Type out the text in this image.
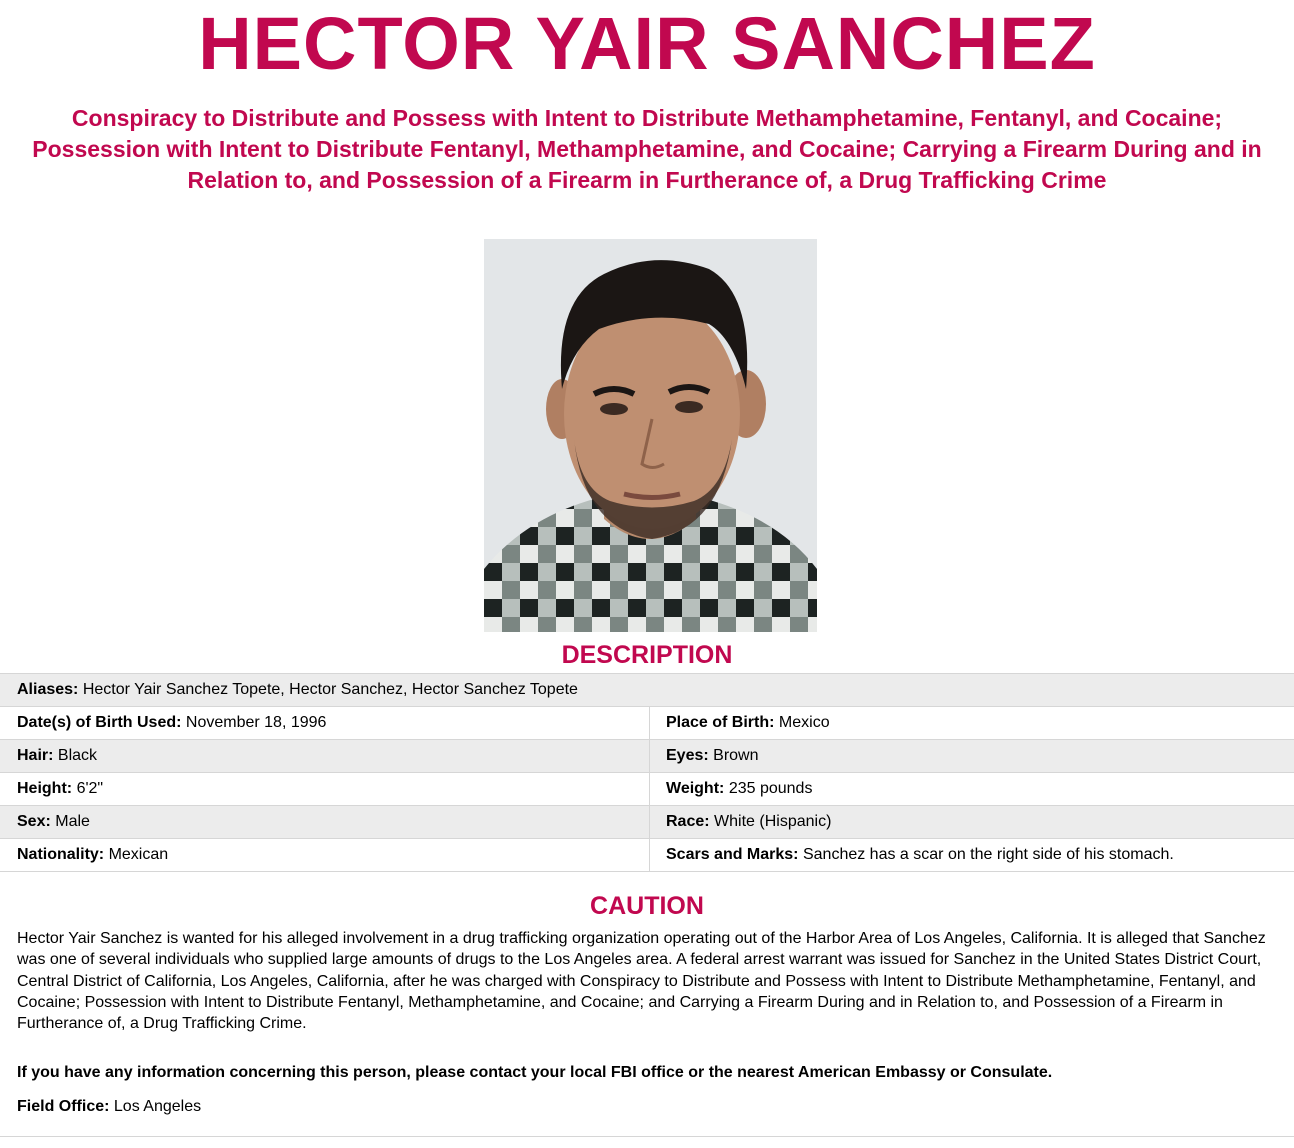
HECTOR YAIR SANCHEZ
Conspiracy to Distribute and Possess with Intent to Distribute Methamphetamine, Fentanyl, and Cocaine; Possession with Intent to Distribute Fentanyl, Methamphetamine, and Cocaine; Carrying a Firearm During and in Relation to, and Possession of a Firearm in Furtherance of, a Drug Trafficking Crime
DESCRIPTION
Aliases: Hector Yair Sanchez Topete, Hector Sanchez, Hector Sanchez Topete
Date(s) of Birth Used: November 18, 1996	Place of Birth: Mexico
Hair: Black	Eyes: Brown
Height: 6'2"	Weight: 235 pounds
Sex: Male	Race: White (Hispanic)
Nationality: Mexican	Scars and Marks: Sanchez has a scar on the right side of his stomach.
CAUTION
Hector Yair Sanchez is wanted for his alleged involvement in a drug trafficking organization operating out of the Harbor Area of Los Angeles, California. It is alleged that Sanchez was one of several individuals who supplied large amounts of drugs to the Los Angeles area. A federal arrest warrant was issued for Sanchez in the United States District Court, Central District of California, Los Angeles, California, after he was charged with Conspiracy to Distribute and Possess with Intent to Distribute Methamphetamine, Fentanyl, and Cocaine; Possession with Intent to Distribute Fentanyl, Methamphetamine, and Cocaine; and Carrying a Firearm During and in Relation to, and Possession of a Firearm in Furtherance of, a Drug Trafficking Crime.
If you have any information concerning this person, please contact your local FBI office or the nearest American Embassy or Consulate.
Field Office: Los Angeles
